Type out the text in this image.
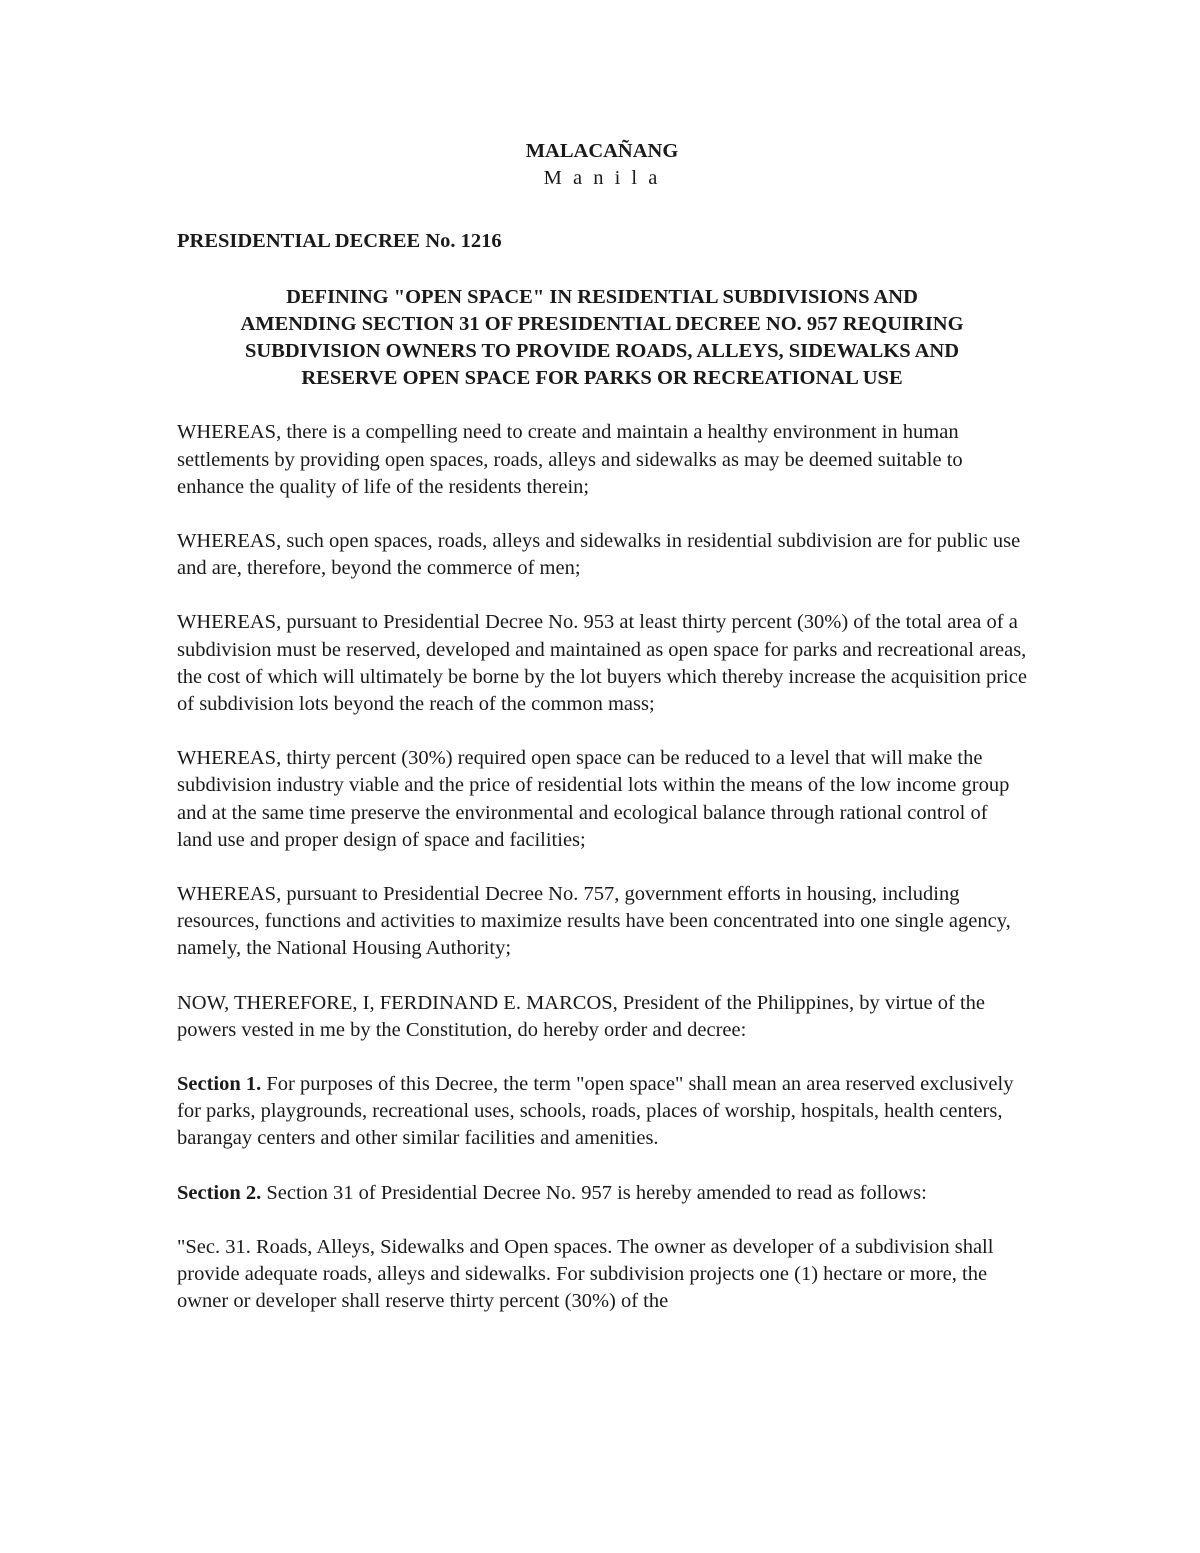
MALACAÑANG
M a n i l a
PRESIDENTIAL DECREE No. 1216
DEFINING "OPEN SPACE" IN RESIDENTIAL SUBDIVISIONS AND
AMENDING SECTION 31 OF PRESIDENTIAL DECREE NO. 957 REQUIRING
SUBDIVISION OWNERS TO PROVIDE ROADS, ALLEYS, SIDEWALKS AND
RESERVE OPEN SPACE FOR PARKS OR RECREATIONAL USE

WHEREAS, there is a compelling need to create and maintain a healthy environment in human settlements by providing open spaces, roads, alleys and sidewalks as may be deemed suitable to enhance the quality of life of the residents therein;

WHEREAS, such open spaces, roads, alleys and sidewalks in residential subdivision are for public use and are, therefore, beyond the commerce of men;

WHEREAS, pursuant to Presidential Decree No. 953 at least thirty percent (30%) of the total area of a subdivision must be reserved, developed and maintained as open space for parks and recreational areas, the cost of which will ultimately be borne by the lot buyers which thereby increase the acquisition price of subdivision lots beyond the reach of the common mass;

WHEREAS, thirty percent (30%) required open space can be reduced to a level that will make the subdivision industry viable and the price of residential lots within the means of the low income group and at the same time preserve the environmental and ecological balance through rational control of land use and proper design of space and facilities;

WHEREAS, pursuant to Presidential Decree No. 757, government efforts in housing, including resources, functions and activities to maximize results have been concentrated into one single agency, namely, the National Housing Authority;

NOW, THEREFORE, I, FERDINAND E. MARCOS, President of the Philippines, by virtue of the powers vested in me by the Constitution, do hereby order and decree:

Section 1. For purposes of this Decree, the term "open space" shall mean an area reserved exclusively for parks, playgrounds, recreational uses, schools, roads, places of worship, hospitals, health centers, barangay centers and other similar facilities and amenities.

Section 2. Section 31 of Presidential Decree No. 957 is hereby amended to read as follows:

"Sec. 31. Roads, Alleys, Sidewalks and Open spaces. The owner as developer of a subdivision shall provide adequate roads, alleys and sidewalks. For subdivision projects one (1) hectare or more, the owner or developer shall reserve thirty percent (30%) of the
